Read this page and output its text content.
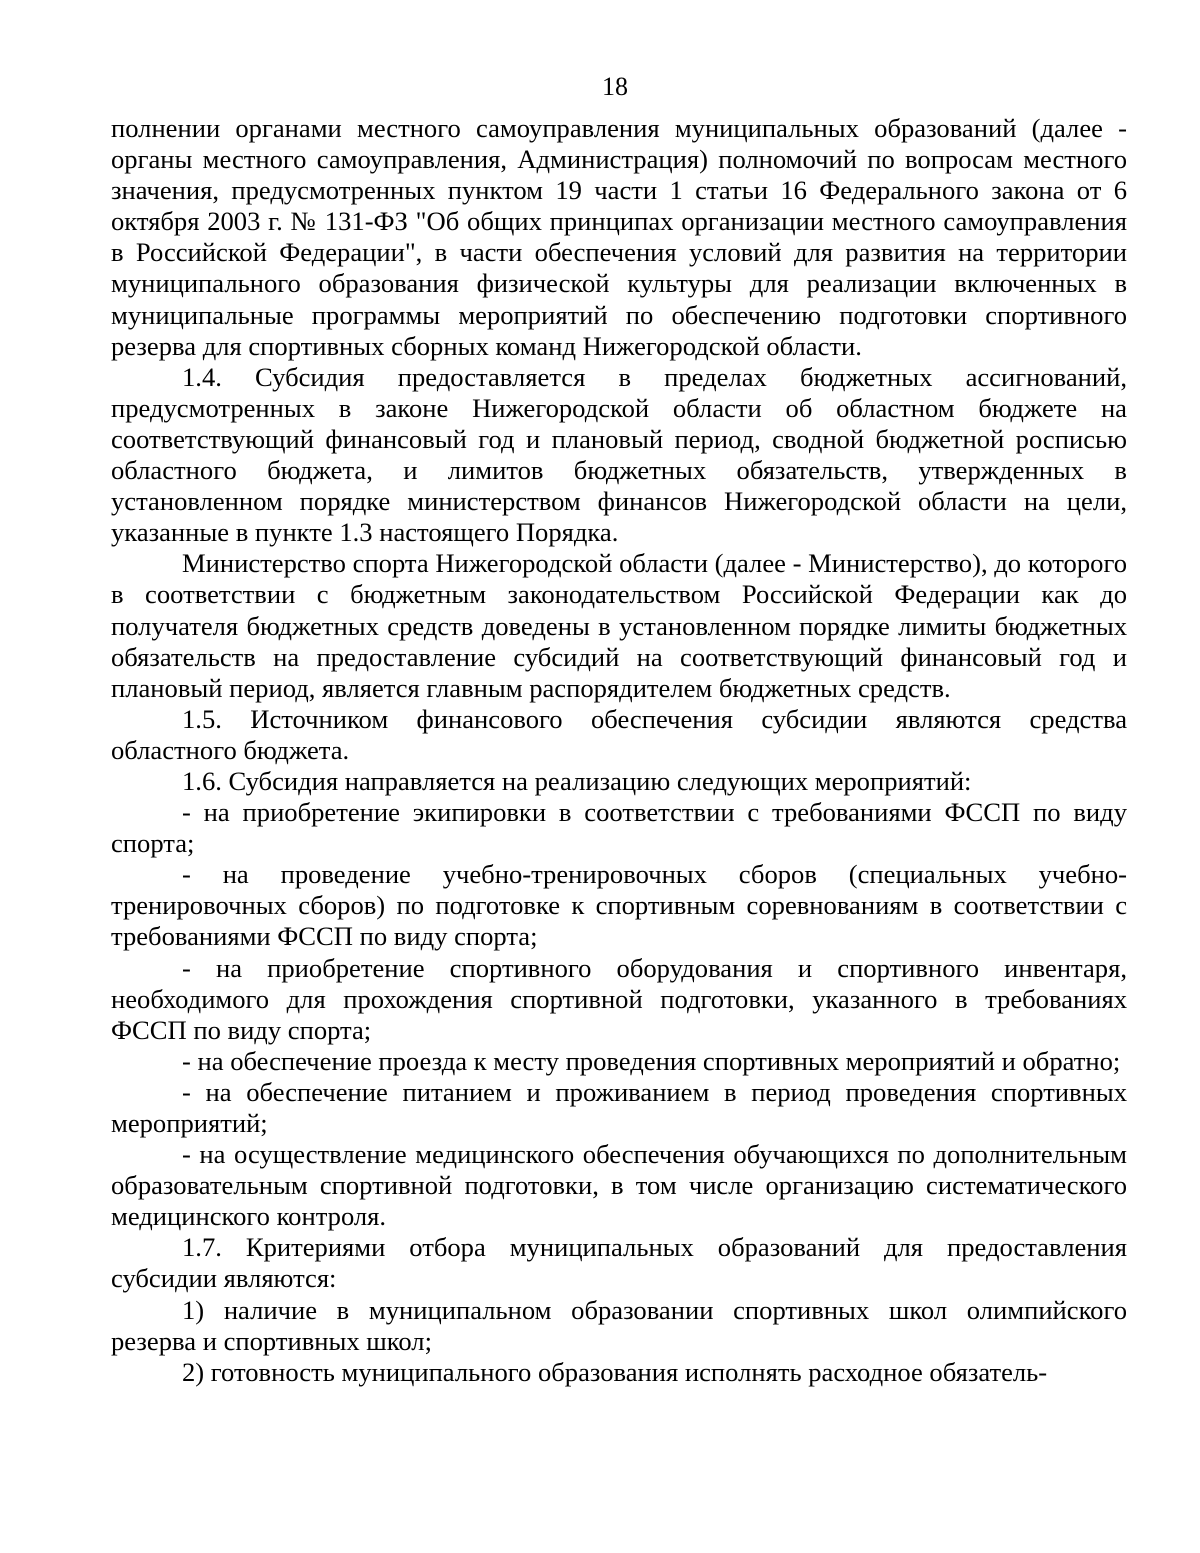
18

полнении органами местного самоуправления муниципальных образований (далее - органы местного самоуправления, Администрация) полномочий по вопросам местного значения, предусмотренных пунктом 19 части 1 статьи 16 Федерального закона от 6 октября 2003 г. № 131-ФЗ "Об общих принципах организации местного самоуправления в Российской Федерации", в части обеспечения условий для развития на территории муниципального образования физической культуры для реализации включенных в муниципальные программы мероприятий по обеспечению подготовки спортивного резерва для спортивных сборных команд Нижегородской области.

1.4. Субсидия предоставляется в пределах бюджетных ассигнований, предусмотренных в законе Нижегородской области об областном бюджете на соответствующий финансовый год и плановый период, сводной бюджетной росписью областного бюджета, и лимитов бюджетных обязательств, утвержденных в установленном порядке министерством финансов Нижегородской области на цели, указанные в пункте 1.3 настоящего Порядка.

Министерство спорта Нижегородской области (далее - Министерство), до которого в соответствии с бюджетным законодательством Российской Федерации как до получателя бюджетных средств доведены в установленном порядке лимиты бюджетных обязательств на предоставление субсидий на соответствующий финансовый год и плановый период, является главным распорядителем бюджетных средств.

1.5. Источником финансового обеспечения субсидии являются средства областного бюджета.

1.6. Субсидия направляется на реализацию следующих мероприятий:

- на приобретение экипировки в соответствии с требованиями ФССП по виду спорта;

- на проведение учебно-тренировочных сборов (специальных учебно-тренировочных сборов) по подготовке к спортивным соревнованиям в соответствии с требованиями ФССП по виду спорта;

- на приобретение спортивного оборудования и спортивного инвентаря, необходимого для прохождения спортивной подготовки, указанного в требованиях ФССП по виду спорта;

- на обеспечение проезда к месту проведения спортивных мероприятий и обратно;

- на обеспечение питанием и проживанием в период проведения спортивных мероприятий;

- на осуществление медицинского обеспечения обучающихся по дополнительным образовательным спортивной подготовки, в том числе организацию систематического медицинского контроля.

1.7. Критериями отбора муниципальных образований для предоставления субсидии являются:

1) наличие в муниципальном образовании спортивных школ олимпийского резерва и спортивных школ;

2) готовность муниципального образования исполнять расходное обязатель-
